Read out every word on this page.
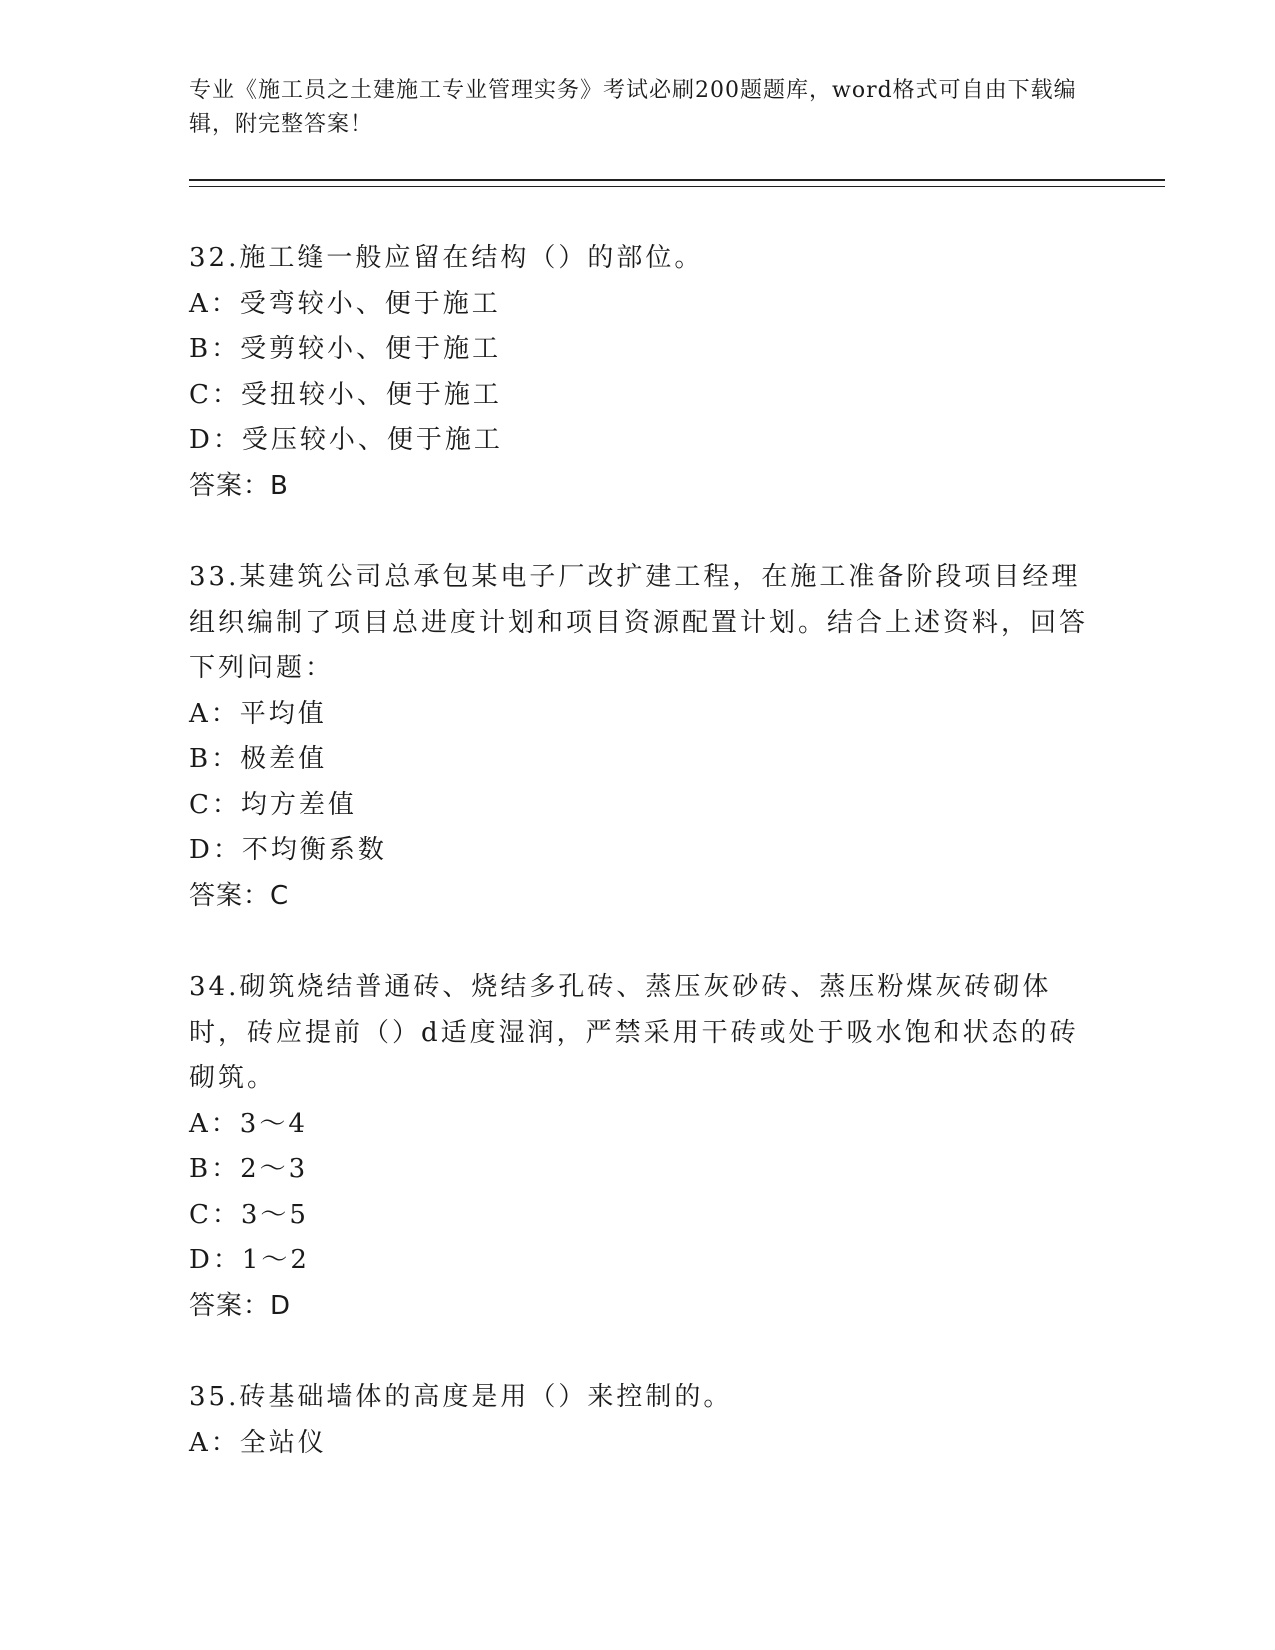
专业《施工员之土建施工专业管理实务》考试必刷200题题库，word格式可自由下载编辑，附完整答案！

32.施工缝一般应留在结构（）的部位。

A：受弯较小、便于施工

B：受剪较小、便于施工

C：受扭较小、便于施工

D：受压较小、便于施工

答案：B

33.某建筑公司总承包某电子厂改扩建工程，在施工准备阶段项目经理组织编制了项目总进度计划和项目资源配置计划。结合上述资料，回答下列问题：

A：平均值

B：极差值

C：均方差值

D：不均衡系数

答案：C

34.砌筑烧结普通砖、烧结多孔砖、蒸压灰砂砖、蒸压粉煤灰砖砌体时，砖应提前（）d适度湿润，严禁采用干砖或处于吸水饱和状态的砖砌筑。

A：3～4

B：2～3

C：3～5

D：1～2

答案：D

35.砖基础墙体的高度是用（）来控制的。

A：全站仪
